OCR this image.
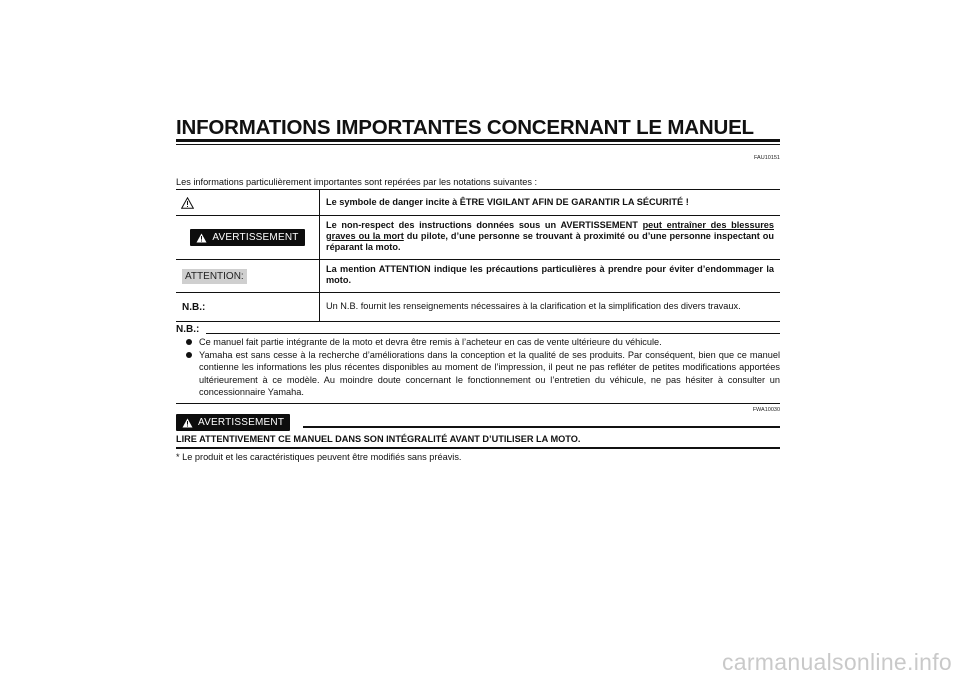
INFORMATIONS IMPORTANTES CONCERNANT LE MANUEL
FAU10151
Les informations particulièrement importantes sont repérées par les notations suivantes :
Le symbole de danger incite à ÊTRE VIGILANT AFIN DE GARANTIR LA SÉCURITÉ !
AVERTISSEMENT
Le non-respect des instructions données sous un AVERTISSEMENT peut entraîner des blessures graves ou la mort du pilote, d’une personne se trouvant à proximité ou d’une personne inspectant ou réparant la moto.
ATTENTION:
La mention ATTENTION indique les précautions particulières à prendre pour éviter d’endommager la moto.
N.B.:	Un N.B. fournit les renseignements nécessaires à la clarification et la simplification des divers travaux.
N.B.:
Ce manuel fait partie intégrante de la moto et devra être remis à l’acheteur en cas de vente ultérieure du véhicule.
Yamaha est sans cesse à la recherche d’améliorations dans la conception et la qualité de ses produits. Par conséquent, bien que ce manuel contienne les informations les plus récentes disponibles au moment de l’impression, il peut ne pas refléter de petites modifications apportées ultérieurement à ce modèle. Au moindre doute concernant le fonctionnement ou l’entretien du véhicule, ne pas hésiter à consulter un concessionnaire Yamaha.
FWA10030
AVERTISSEMENT
LIRE ATTENTIVEMENT CE MANUEL DANS SON INTÉGRALITÉ AVANT D’UTILISER LA MOTO.
* Le produit et les caractéristiques peuvent être modifiés sans préavis.
carmanualsonline.info
